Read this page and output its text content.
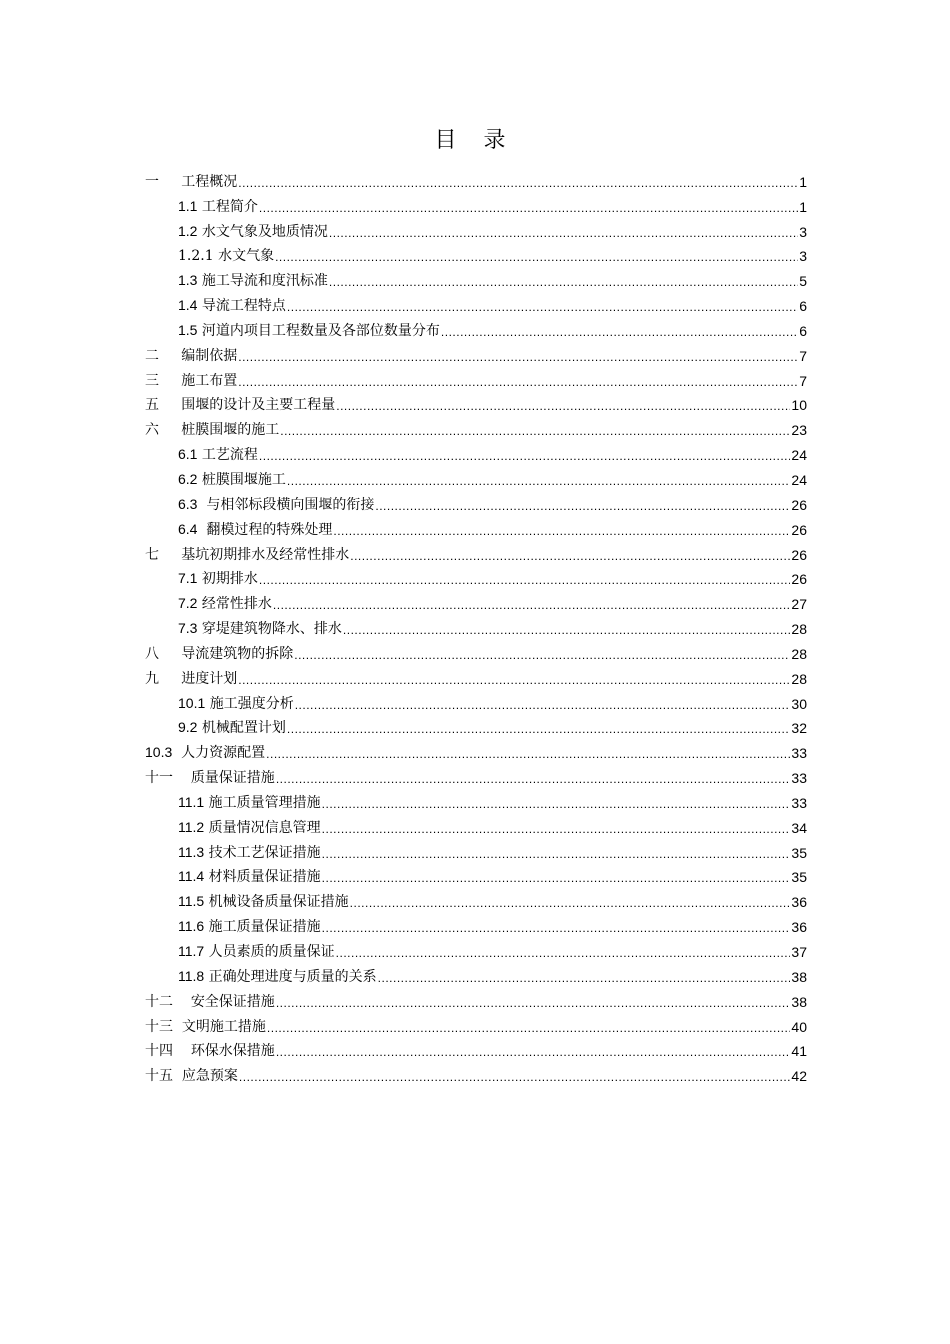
目 录
一 工程概况 .....	1
1.1 工程简介 .....	1
1.2 水文气象及地质情况 .....	3
1.2.1 水文气象 .....	3
1.3 施工导流和度汛标准 .....	5
1.4 导流工程特点 .....	6
1.5 河道内项目工程数量及各部位数量分布 .....	6
二 编制依据 .....	7
三 施工布置 .....	7
五 围堰的设计及主要工程量 .....	10
六 桩膜围堰的施工 .....	23
6.1 工艺流程 .....	24
6.2 桩膜围堰施工 .....	24
6.3 与相邻标段横向围堰的衔接 .....	26
6.4 翻模过程的特殊处理 .....	26
七 基坑初期排水及经常性排水 .....	26
7.1 初期排水 .....	26
7.2 经常性排水 .....	27
7.3 穿堤建筑物降水、排水 .....	28
八 导流建筑物的拆除 .....	28
九 进度计划 .....	28
10.1 施工强度分析 .....	30
9.2 机械配置计划 .....	32
10.3 人力资源配置 .....	33
十一 质量保证措施 .....	33
11.1 施工质量管理措施 .....	33
11.2 质量情况信息管理 .....	34
11.3 技术工艺保证措施 .....	35
11.4 材料质量保证措施 .....	35
11.5 机械设备质量保证措施 .....	36
11.6 施工质量保证措施 .....	36
11.7 人员素质的质量保证 .....	37
11.8 正确处理进度与质量的关系 .....	38
十二 安全保证措施 .....	38
十三 文明施工措施 .....	40
十四 环保水保措施 .....	41
十五 应急预案 .....	42
